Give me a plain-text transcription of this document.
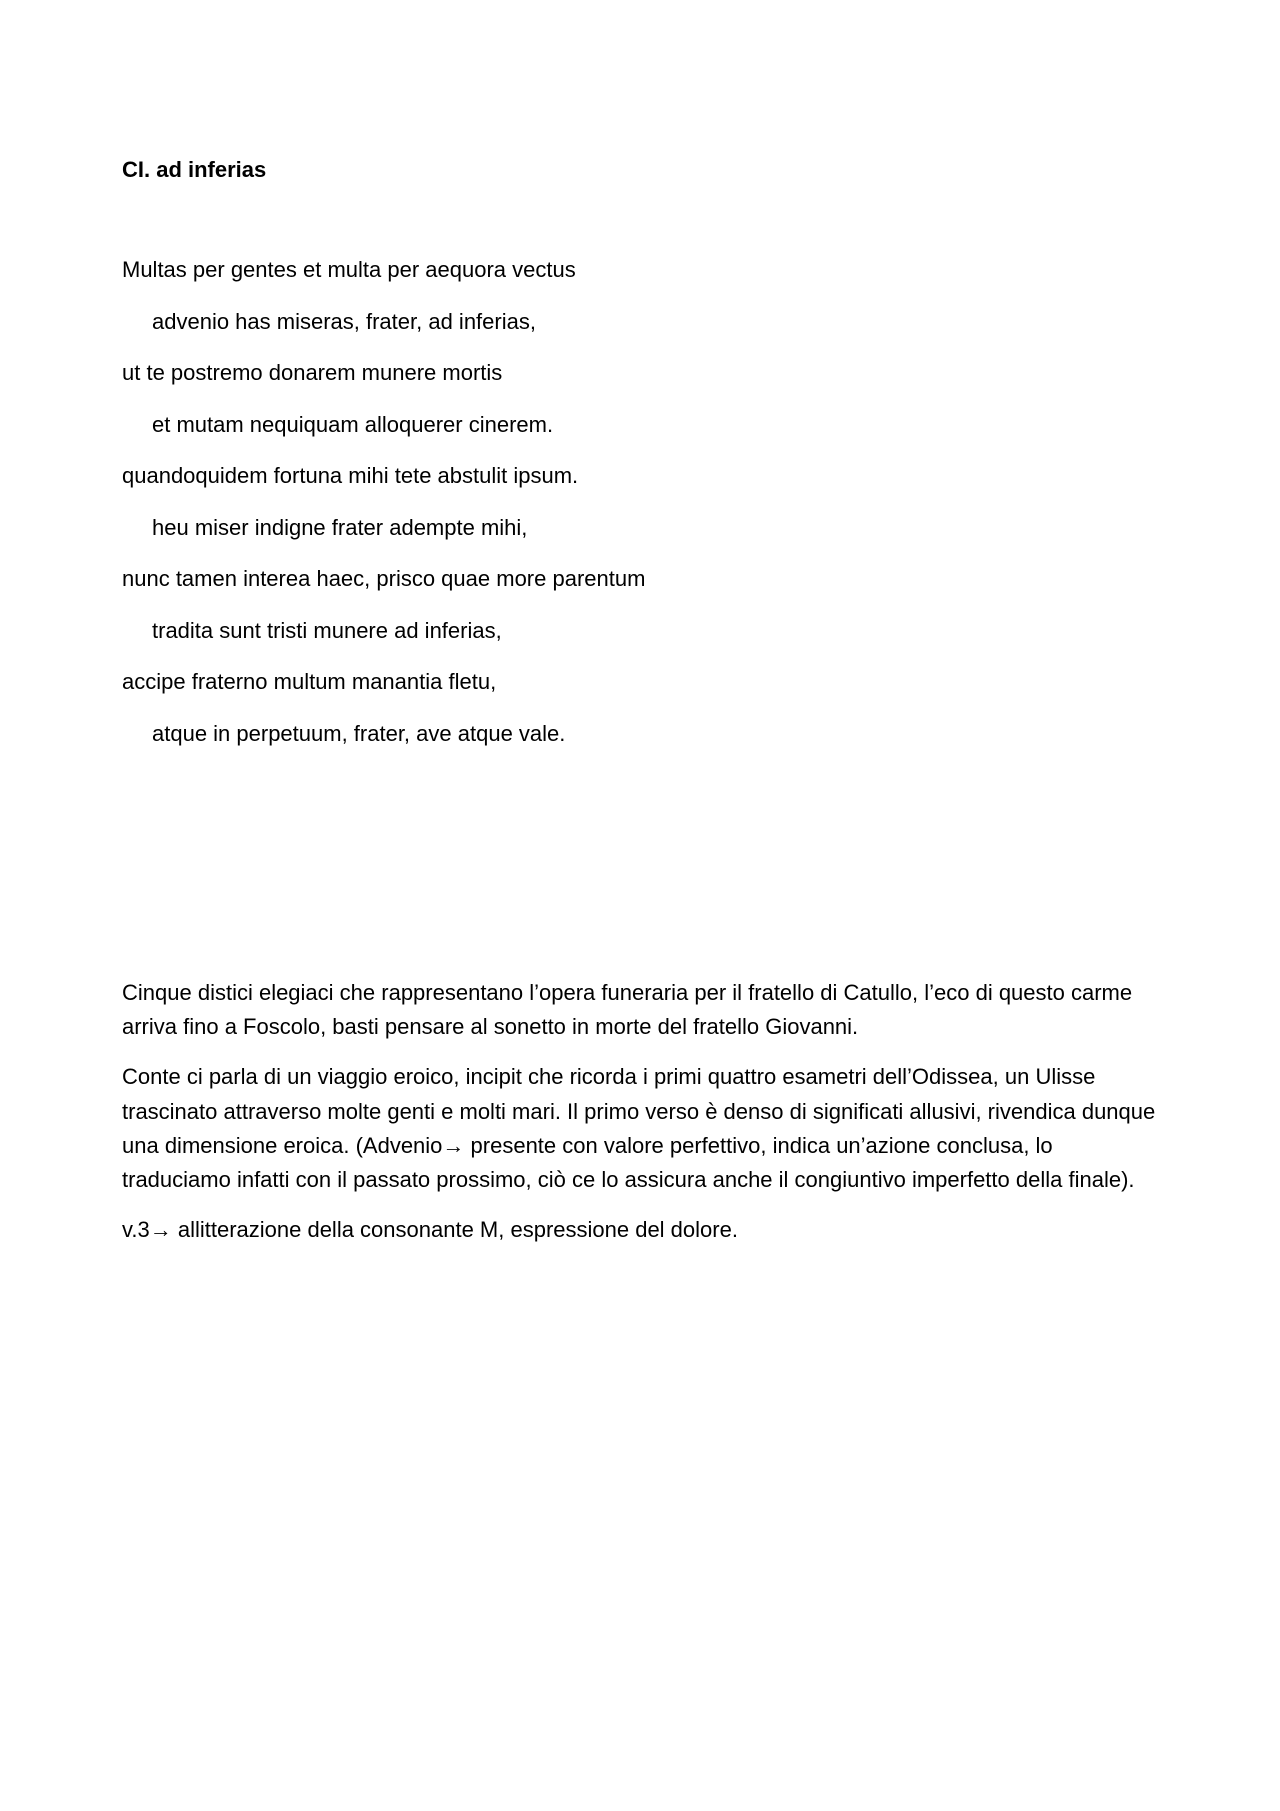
CI. ad inferias
Multas per gentes et multa per aequora vectus
advenio has miseras, frater, ad inferias,
ut te postremo donarem munere mortis
et mutam nequiquam alloquerer cinerem.
quandoquidem fortuna mihi tete abstulit ipsum.
heu miser indigne frater adempte mihi,
nunc tamen interea haec, prisco quae more parentum
tradita sunt tristi munere ad inferias,
accipe fraterno multum manantia fletu,
atque in perpetuum, frater, ave atque vale.

Cinque distici elegiaci che rappresentano l’opera funeraria per il fratello di Catullo, l’eco di questo carme arriva fino a Foscolo, basti pensare al sonetto in morte del fratello Giovanni.

Conte ci parla di un viaggio eroico, incipit che ricorda i primi quattro esametri dell’Odissea, un Ulisse trascinato attraverso molte genti e molti mari. Il primo verso è denso di significati allusivi, rivendica dunque una dimensione eroica. (Advenio→ presente con valore perfettivo, indica un’azione conclusa, lo traduciamo infatti con il passato prossimo, ciò ce lo assicura anche il congiuntivo imperfetto della finale).

v.3→ allitterazione della consonante M, espressione del dolore.
